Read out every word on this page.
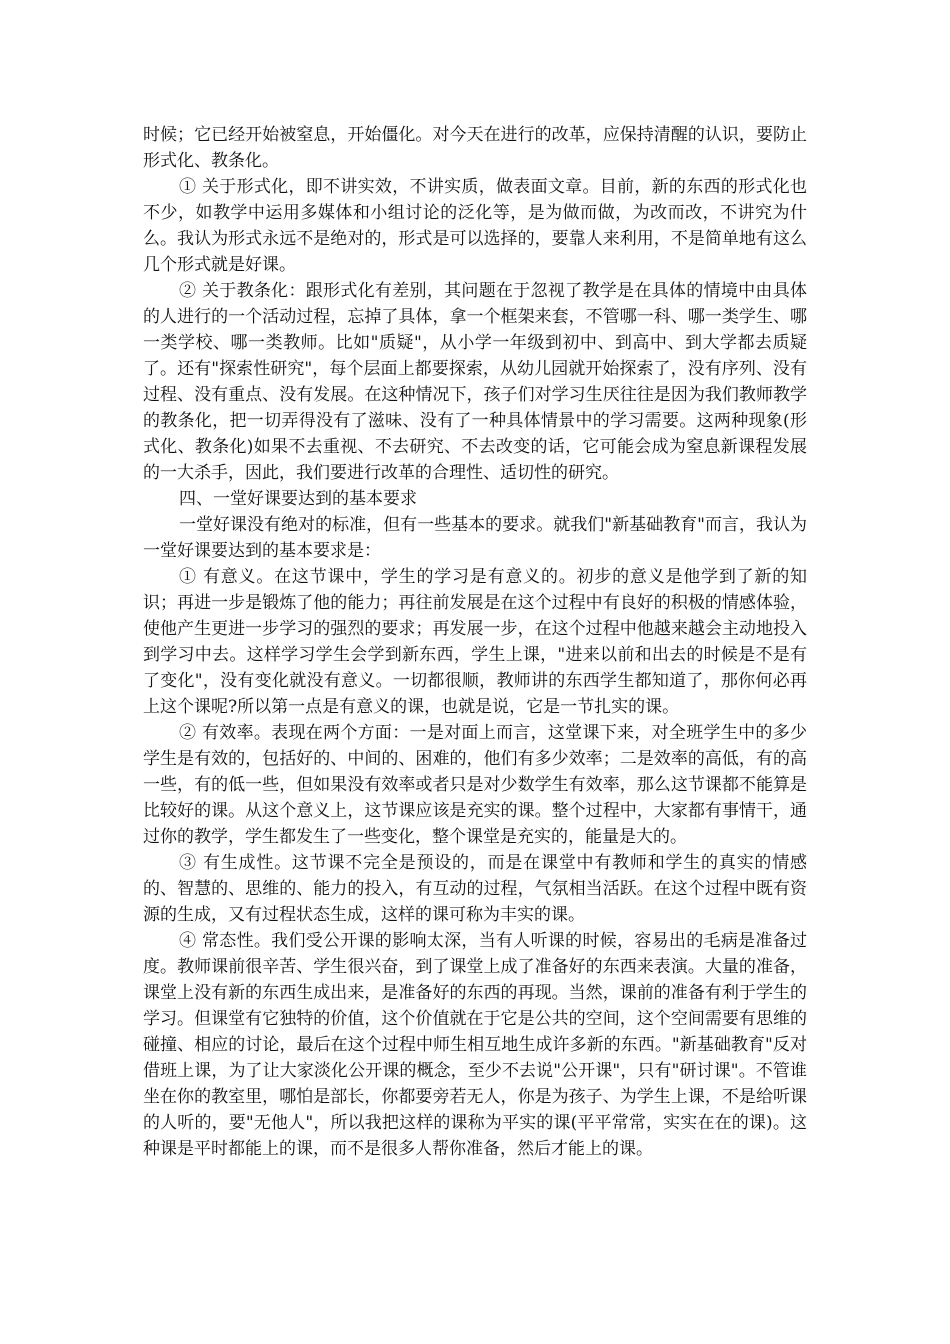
时候；它已经开始被窒息，开始僵化。对今天在进行的改革，应保持清醒的认识，要防止形式化、教条化。

① 关于形式化，即不讲实效，不讲实质，做表面文章。目前，新的东西的形式化也不少，如教学中运用多媒体和小组讨论的泛化等，是为做而做，为改而改，不讲究为什么。我认为形式永远不是绝对的，形式是可以选择的，要靠人来利用，不是简单地有这么几个形式就是好课。

② 关于教条化：跟形式化有差别，其问题在于忽视了教学是在具体的情境中由具体的人进行的一个活动过程，忘掉了具体，拿一个框架来套，不管哪一科、哪一类学生、哪一类学校、哪一类教师。比如"质疑"，从小学一年级到初中、到高中、到大学都去质疑了。还有"探索性研究"，每个层面上都要探索，从幼儿园就开始探索了，没有序列、没有过程、没有重点、没有发展。在这种情况下，孩子们对学习生厌往往是因为我们教师教学的教条化，把一切弄得没有了滋味、没有了一种具体情景中的学习需要。这两种现象(形式化、教条化)如果不去重视、不去研究、不去改变的话，它可能会成为窒息新课程发展的一大杀手，因此，我们要进行改革的合理性、适切性的研究。

四、一堂好课要达到的基本要求

一堂好课没有绝对的标准，但有一些基本的要求。就我们"新基础教育"而言，我认为一堂好课要达到的基本要求是：

① 有意义。在这节课中，学生的学习是有意义的。初步的意义是他学到了新的知识；再进一步是锻炼了他的能力；再往前发展是在这个过程中有良好的积极的情感体验，使他产生更进一步学习的强烈的要求；再发展一步，在这个过程中他越来越会主动地投入到学习中去。这样学习学生会学到新东西，学生上课，"进来以前和出去的时候是不是有了变化"，没有变化就没有意义。一切都很顺，教师讲的东西学生都知道了，那你何必再上这个课呢?所以第一点是有意义的课，也就是说，它是一节扎实的课。

② 有效率。表现在两个方面：一是对面上而言，这堂课下来，对全班学生中的多少学生是有效的，包括好的、中间的、困难的，他们有多少效率；二是效率的高低，有的高一些，有的低一些，但如果没有效率或者只是对少数学生有效率，那么这节课都不能算是比较好的课。从这个意义上，这节课应该是充实的课。整个过程中，大家都有事情干，通过你的教学，学生都发生了一些变化，整个课堂是充实的，能量是大的。

③ 有生成性。这节课不完全是预设的，而是在课堂中有教师和学生的真实的情感的、智慧的、思维的、能力的投入，有互动的过程，气氛相当活跃。在这个过程中既有资源的生成，又有过程状态生成，这样的课可称为丰实的课。

④ 常态性。我们受公开课的影响太深，当有人听课的时候，容易出的毛病是准备过度。教师课前很辛苦、学生很兴奋，到了课堂上成了准备好的东西来表演。大量的准备，课堂上没有新的东西生成出来，是准备好的东西的再现。当然，课前的准备有利于学生的学习。但课堂有它独特的价值，这个价值就在于它是公共的空间，这个空间需要有思维的碰撞、相应的讨论，最后在这个过程中师生相互地生成许多新的东西。"新基础教育"反对借班上课，为了让大家淡化公开课的概念，至少不去说"公开课"，只有"研讨课"。不管谁坐在你的教室里，哪怕是部长，你都要旁若无人，你是为孩子、为学生上课，不是给听课的人听的，要"无他人"，所以我把这样的课称为平实的课(平平常常，实实在在的课)。这种课是平时都能上的课，而不是很多人帮你准备，然后才能上的课。
